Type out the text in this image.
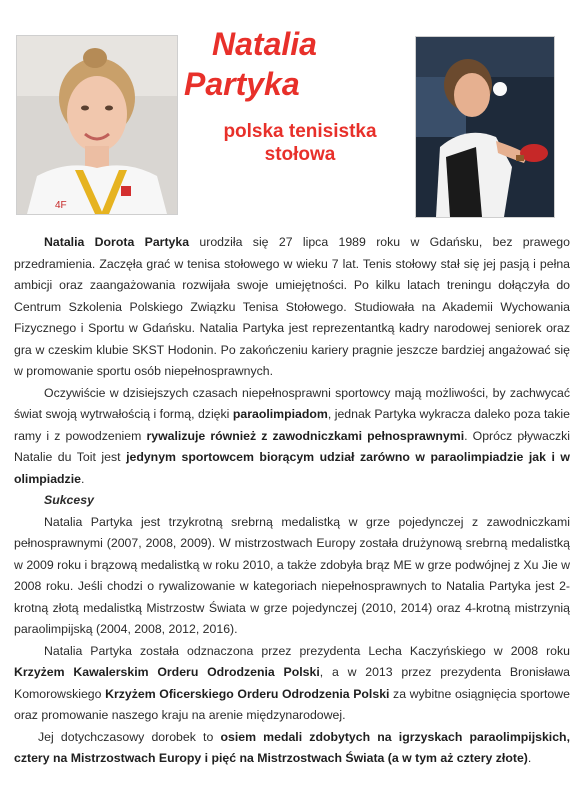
4F
Natalia
Partyka
polska tenisistka
stołowa

Natalia Dorota Partyka urodziła się 27 lipca 1989 roku w Gdańsku, bez prawego przedramienia. Zaczęła grać w tenisa stołowego w wieku 7 lat. Tenis stołowy stał się jej pasją i pełna ambicji oraz zaangażowania rozwijała swoje umiejętności. Po kilku latach treningu dołączyła do Centrum Szkolenia Polskiego Związku Tenisa Stołowego. Studiowała na Akademii Wychowania Fizycznego i Sportu w Gdańsku. Natalia Partyka jest reprezentantką kadry narodowej seniorek oraz gra w czeskim klubie SKST Hodonin. Po zakończeniu kariery pragnie jeszcze bardziej angażować się w promowanie sportu osób niepełnosprawnych.

Oczywiście w dzisiejszych czasach niepełnosprawni sportowcy mają możliwości, by zachwycać świat swoją wytrwałością i formą, dzięki paraolimpiadom, jednak Partyka wykracza daleko poza takie ramy i z powodzeniem rywalizuje również z zawodniczkami pełnosprawnymi. Oprócz pływaczki Natalie du Toit jest jedynym sportowcem biorącym udział zarówno w paraolimpiadzie jak i w olimpiadzie.

Sukcesy

Natalia Partyka jest trzykrotną srebrną medalistką w grze pojedynczej z zawodniczkami pełnosprawnymi (2007, 2008, 2009). W mistrzostwach Europy została drużynową srebrną medalistką w 2009 roku i brązową medalistką w roku 2010, a także zdobyła brąz ME w grze podwójnej z Xu Jie w 2008 roku. Jeśli chodzi o rywalizowanie w kategoriach niepełnosprawnych to Natalia Partyka jest 2-krotną złotą medalistką Mistrzostw Świata w grze pojedynczej (2010, 2014) oraz 4-krotną mistrzynią paraolimpijską (2004, 2008, 2012, 2016).

Natalia Partyka została odznaczona przez prezydenta Lecha Kaczyńskiego w 2008 roku Krzyżem Kawalerskim Orderu Odrodzenia Polski, a w 2013 przez prezydenta Bronisława Komorowskiego Krzyżem Oficerskiego Orderu Odrodzenia Polski za wybitne osiągnięcia sportowe oraz promowanie naszego kraju na arenie międzynarodowej.

Jej dotychczasowy dorobek to osiem medali zdobytych na igrzyskach paraolimpijskich, cztery na Mistrzostwach Europy i pięć na Mistrzostwach Świata (a w tym aż cztery złote).
